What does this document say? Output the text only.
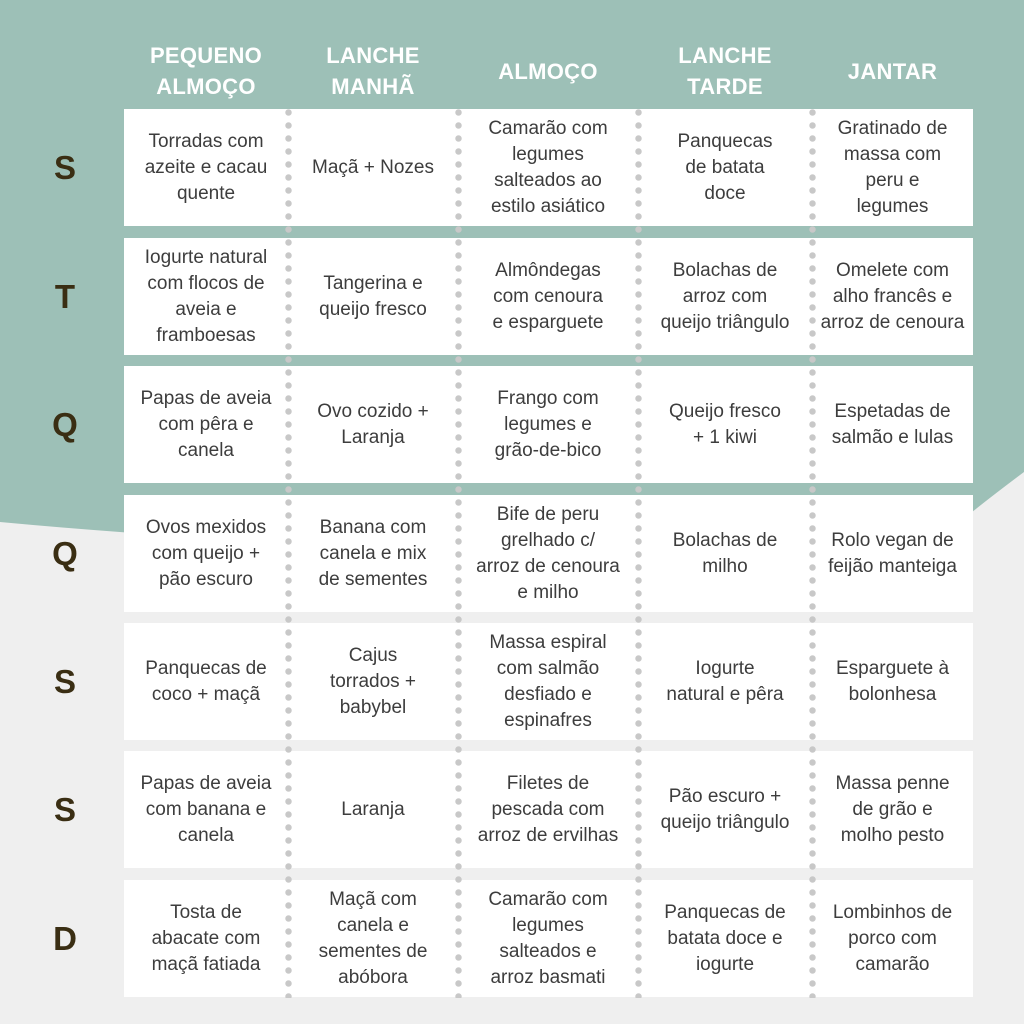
PEQUENO
ALMOÇO
LANCHE
MANHÃ
ALMOÇO
LANCHE
TARDE
JANTAR
S
Torradas com
azeite e cacau
quente
Maçã + Nozes
Camarão com
legumes
salteados ao
estilo asiático
Panquecas
de batata
doce
Gratinado de
massa com
peru e
legumes
T
Iogurte natural
com flocos de
aveia e
framboesas
Tangerina e
queijo fresco
Almôndegas
com cenoura
e esparguete
Bolachas de
arroz com
queijo triângulo
Omelete com
alho francês e
arroz de cenoura
Q
Papas de aveia
com pêra e
canela
Ovo cozido +
Laranja
Frango com
legumes e
grão-de-bico
Queijo fresco
+ 1 kiwi
Espetadas de
salmão e lulas
Q
Ovos mexidos
com queijo +
pão escuro
Banana com
canela e mix
de sementes
Bife de peru
grelhado c/
arroz de cenoura
e milho
Bolachas de
milho
Rolo vegan de
feijão manteiga
S	Panquecas de
coco + maçã
Cajus
torrados +
babybel
Massa espiral
com salmão
desfiado e
espinafres
Iogurte
natural e pêra
Esparguete à
bolonhesa
S
Papas de aveia
com banana e
canela
Laranja
Filetes de
pescada com
arroz de ervilhas
Pão escuro +
queijo triângulo
Massa penne
de grão e
molho pesto
D
Tosta de
abacate com
maçã fatiada
Maçã com
canela e
sementes de
abóbora
Camarão com
legumes
salteados e
arroz basmati
Panquecas de
batata doce e
iogurte
Lombinhos de
porco com
camarão
